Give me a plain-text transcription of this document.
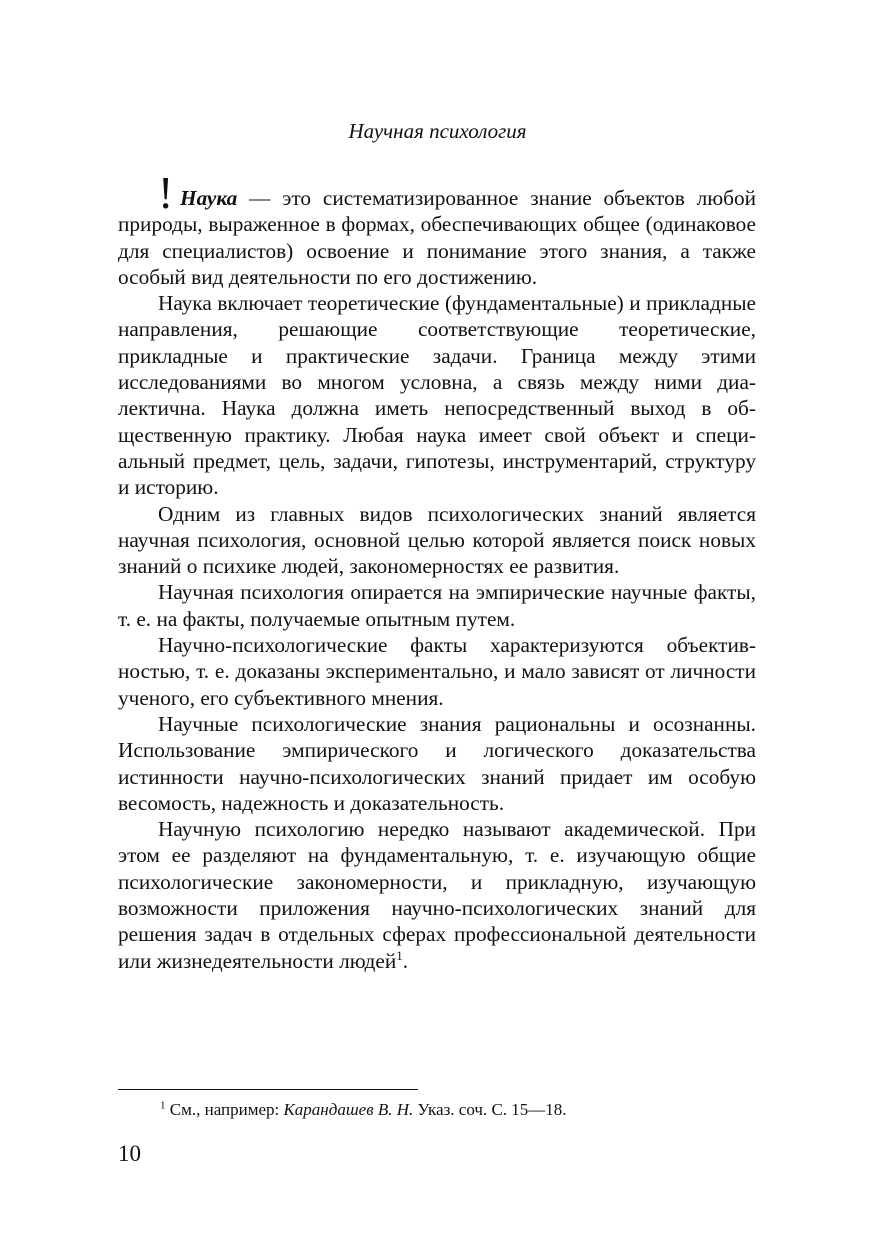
Научная психология

! Наука — это систематизированное знание объектов любой природы, выраженное в формах, обеспечивающих общее (одинаковое для специалистов) освоение и понимание этого знания, а также особый вид деятельности по его достижению.

Наука включает теоретические (фундаментальные) и прикладные направления, решающие соответствующие теоретические, прикладные и практические задачи. Граница между этими исследованиями во многом условна, а связь между ними диалектична. Наука должна иметь непосредственный выход в общественную практику. Любая наука имеет свой объект и специальный предмет, цель, задачи, гипотезы, инструментарий, структуру и историю.

Одним из главных видов психологических знаний является научная психология, основной целью которой является поиск новых знаний о психике людей, закономерностях ее развития.

Научная психология опирается на эмпирические научные факты, т. е. на факты, получаемые опытным путем.

Научно-психологические факты характеризуются объективностью, т. е. доказаны экспериментально, и мало зависят от личности ученого, его субъективного мнения.

Научные психологические знания рациональны и осознанны. Использование эмпирического и логического доказательства истинности научно-психологических знаний придает им особую весомость, надежность и доказательность.

Научную психологию нередко называют академической. При этом ее разделяют на фундаментальную, т. е. изучающую общие психологические закономерности, и прикладную, изучающую возможности приложения научно-психологических знаний для решения задач в отдельных сферах профессиональной деятельности или жизнедеятельности людей$^1$.

$^1$ См., например: Карандашев В. Н. Указ. соч. С. 15—18.
10
